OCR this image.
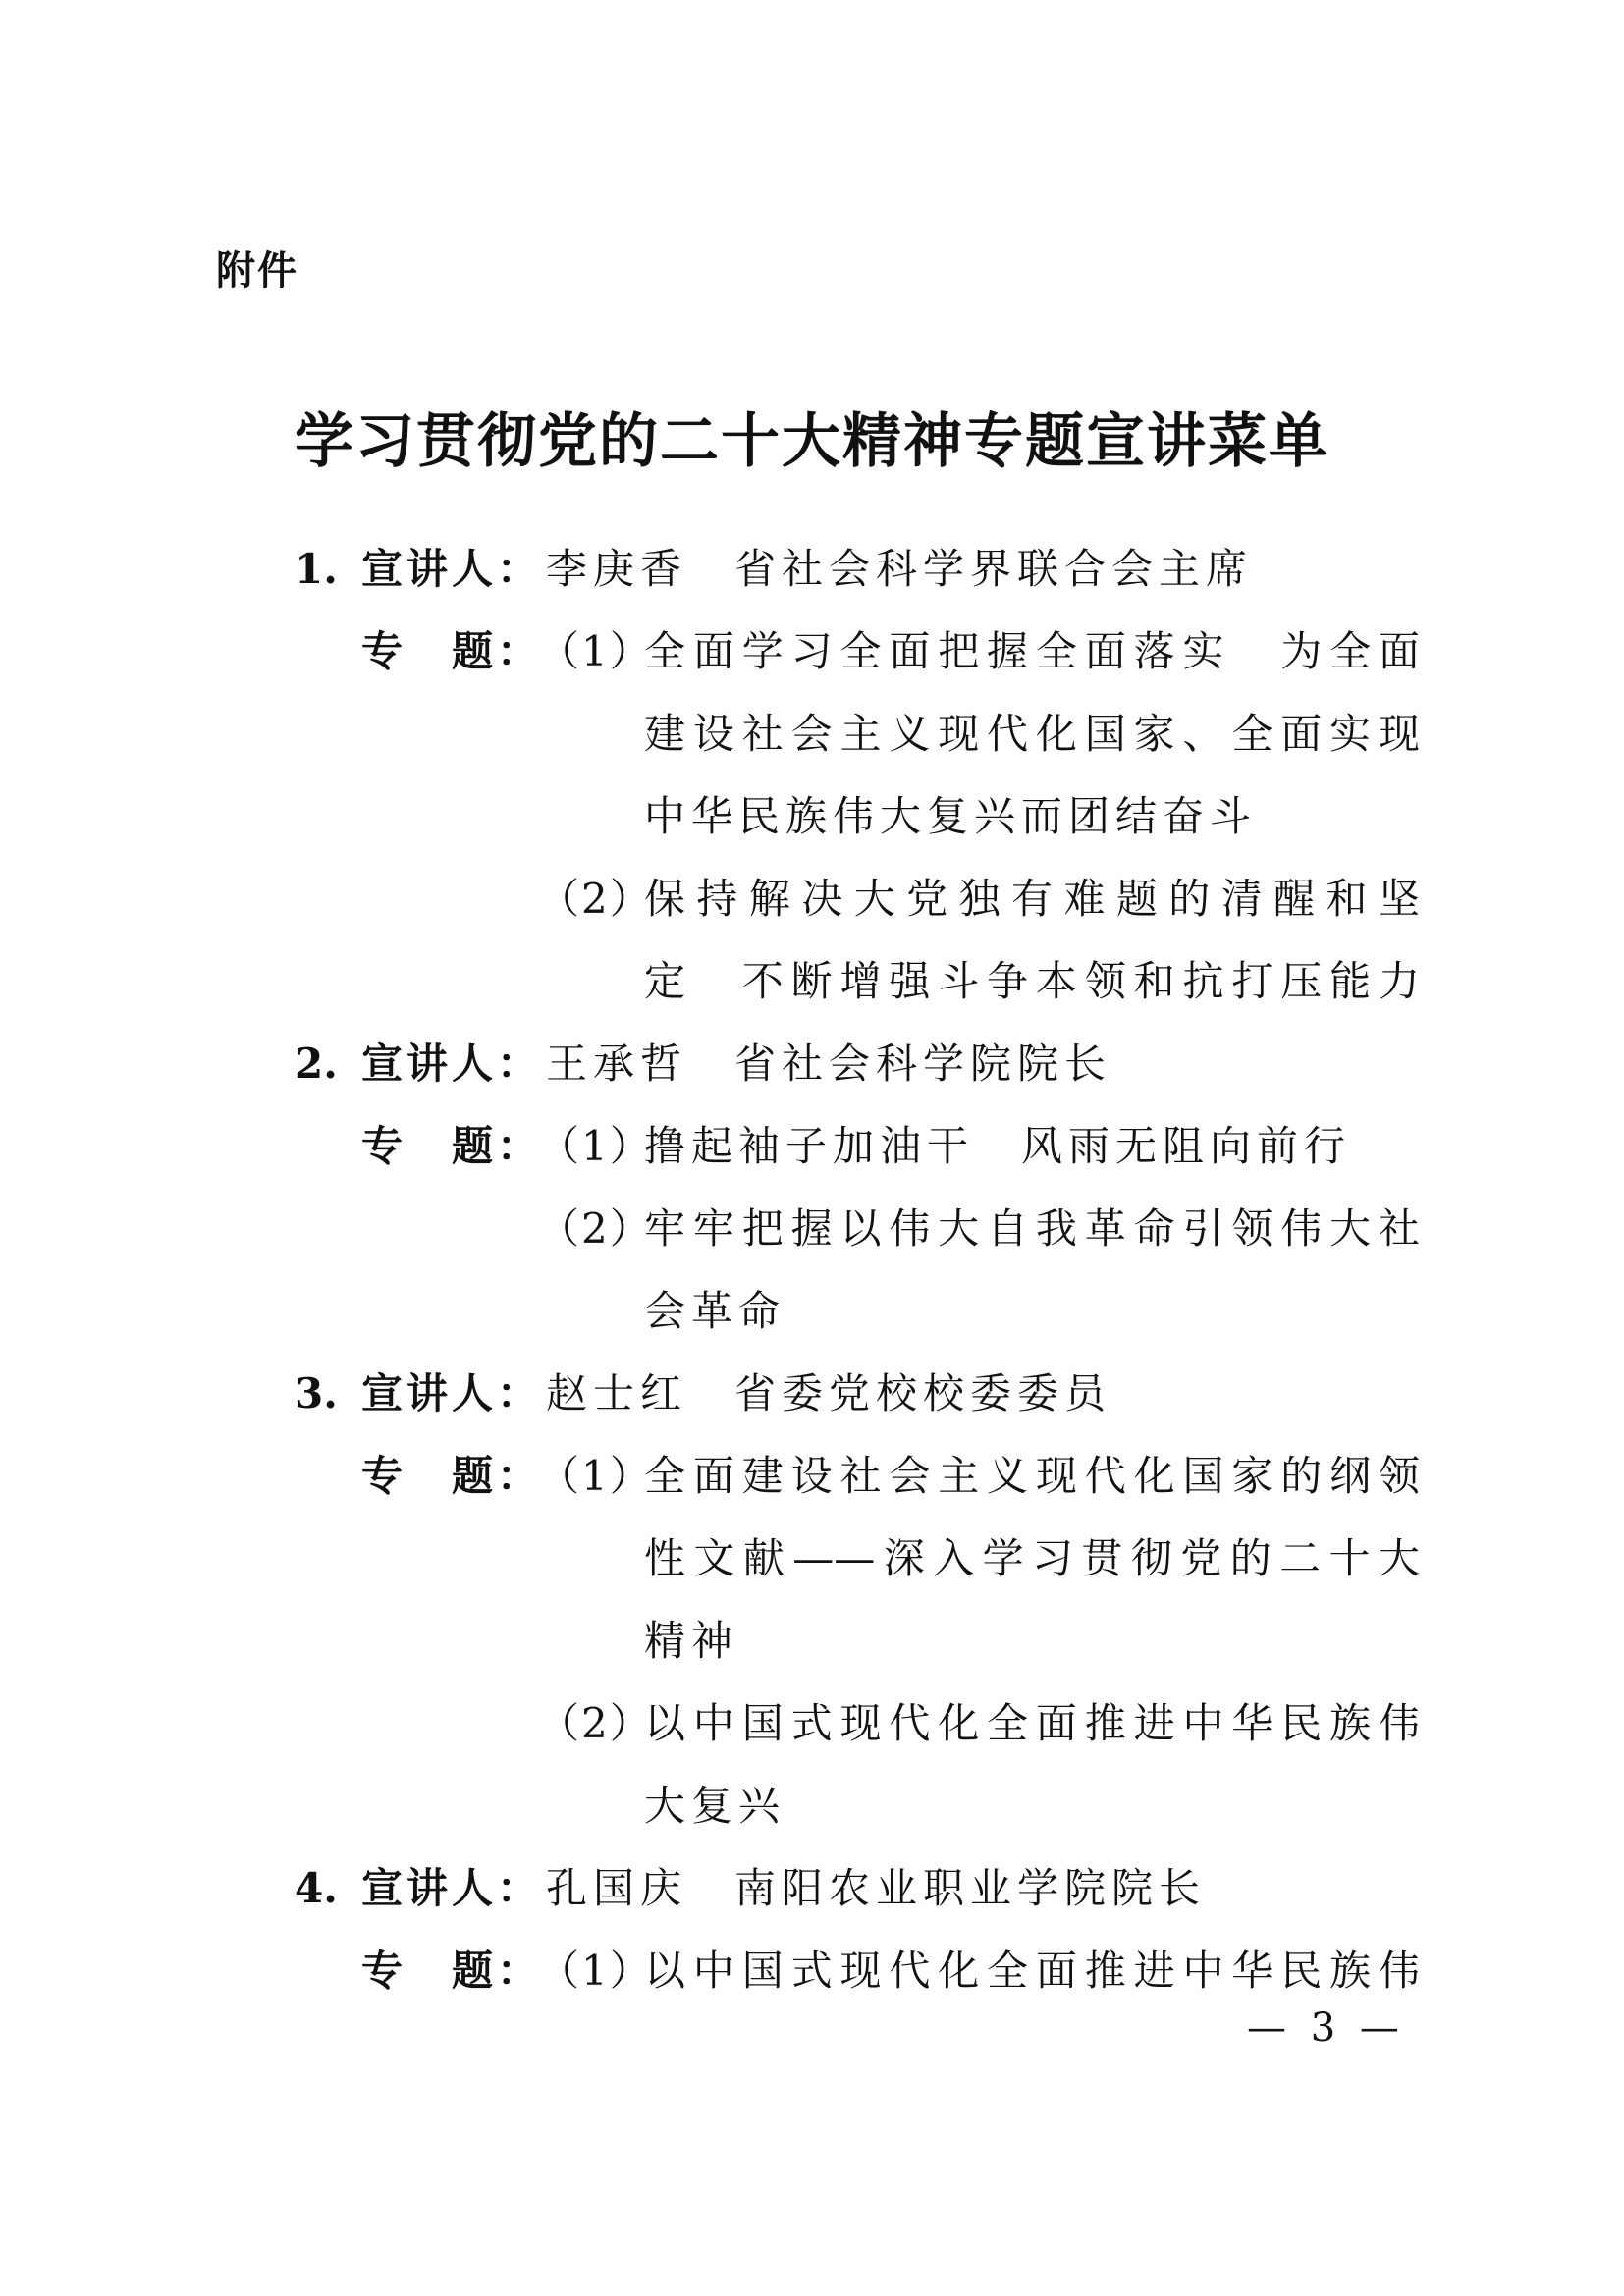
附件
学习贯彻党的二十大精神专题宣讲菜单
1. 宣讲人： 李庚香　省社会科学界联合会主席
专　题：
（1）
全面学习全面把握全面落实　为全面
建设社会主义现代化国家、全面实现
中华民族伟大复兴而团结奋斗
（2）
保持解决大党独有难题的清醒和坚
定　不断增强斗争本领和抗打压能力
2. 宣讲人： 王承哲　省社会科学院院长
专　题：
（1）
撸起袖子加油干　风雨无阻向前行
（2）
牢牢把握以伟大自我革命引领伟大社
会革命
3. 宣讲人： 赵士红　省委党校校委委员
专　题：
（1）
全面建设社会主义现代化国家的纲领
性文献——深入学习贯彻党的二十大
精神
（2）
以中国式现代化全面推进中华民族伟
大复兴
4. 宣讲人： 孔国庆　南阳农业职业学院院长
专　题：
（1）
以中国式现代化全面推进中华民族伟
— 3 —
